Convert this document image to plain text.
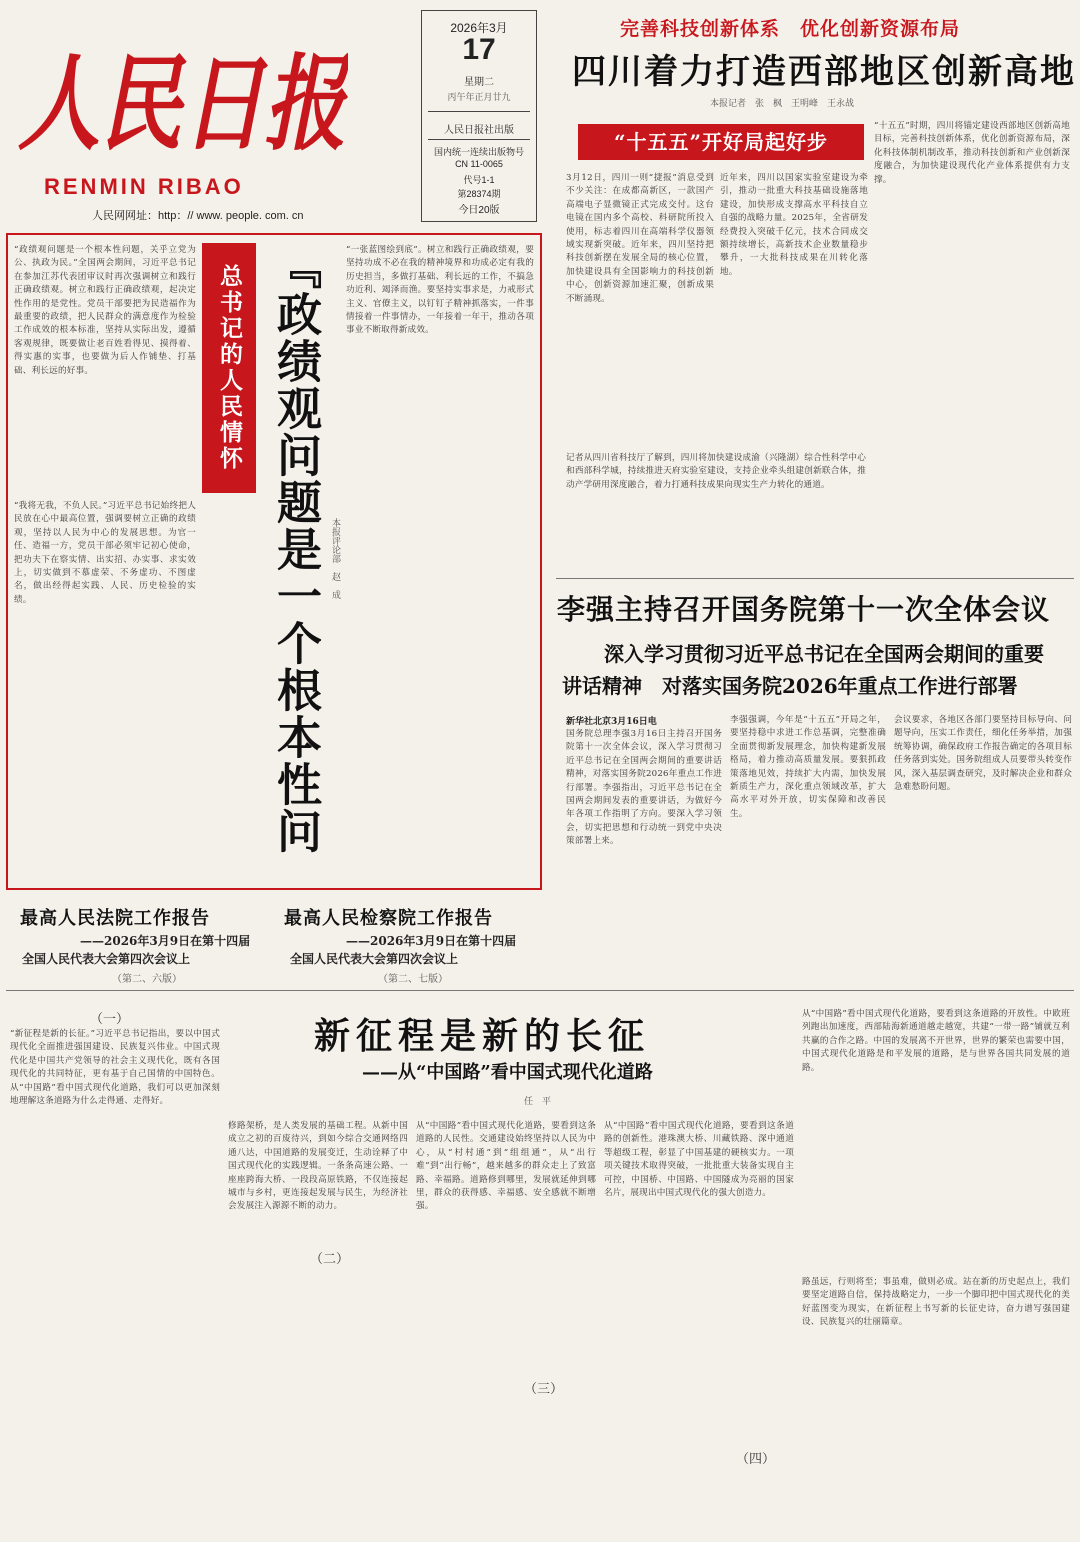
人民日报
RENMIN RIBAO
人民网网址：http：// www. people. com. cn
2026年3月
17
星期二
丙午年正月廿九
人民日报社出版
国内统一连续出版物号
CN 11-0065
代号1-1
第28374期
今日20版
完善科技创新体系　优化创新资源布局
四川着力打造西部地区创新高地
本报记者　张　枫　王明峰　王永战
“十五五”开好局起好步
3月12日，四川一则“捷报”消息受到不少关注：在成都高新区，一款国产高端电子显微镜正式完成交付。这台电镜在国内多个高校、科研院所投入使用，标志着四川在高端科学仪器领域实现新突破。近年来，四川坚持把科技创新摆在发展全局的核心位置，加快建设具有全国影响力的科技创新中心，创新资源加速汇聚，创新成果不断涌现。
近年来，四川以国家实验室建设为牵引，推动一批重大科技基础设施落地建设，加快形成支撑高水平科技自立自强的战略力量。2025年，全省研发经费投入突破千亿元，技术合同成交额持续增长，高新技术企业数量稳步攀升，一大批科技成果在川转化落地。
“十五五”时期，四川将锚定建设西部地区创新高地目标，完善科技创新体系，优化创新资源布局，深化科技体制机制改革，推动科技创新和产业创新深度融合，为加快建设现代化产业体系提供有力支撑。
记者从四川省科技厅了解到，四川将加快建设成渝（兴隆湖）综合性科学中心和西部科学城，持续推进天府实验室建设，支持企业牵头组建创新联合体，推动产学研用深度融合，着力打通科技成果向现实生产力转化的通道。
“政绩观问题是一个根本性问题，关乎立党为公、执政为民。”全国两会期间，习近平总书记在参加江苏代表团审议时再次强调树立和践行正确政绩观。树立和践行正确政绩观，起决定性作用的是党性。党员干部要把为民造福作为最重要的政绩，把人民群众的满意度作为检验工作成效的根本标准，坚持从实际出发，遵循客观规律，既要做让老百姓看得见、摸得着、得实惠的实事，也要做为后人作铺垫、打基础、利长远的好事。	总书记的人民情怀
“我将无我，不负人民。”习近平总书记始终把人民放在心中最高位置，强调要树立正确的政绩观，坚持以人民为中心的发展思想。为官一任、造福一方，党员干部必须牢记初心使命，把功夫下在察实情、出实招、办实事、求实效上，切实做到不慕虚荣、不务虚功、不图虚名，做出经得起实践、人民、历史检验的实绩。
『政绩观问题是一个根本性问
本报评论部　赵　成
“一张蓝图绘到底”。树立和践行正确政绩观，要坚持功成不必在我的精神境界和功成必定有我的历史担当，多做打基础、利长远的工作，不搞急功近利、竭泽而渔。要坚持实事求是，力戒形式主义、官僚主义，以钉钉子精神抓落实，一件事情接着一件事情办，一年接着一年干，推动各项事业不断取得新成效。
李强主持召开国务院第十一次全体会议
深入学习贯彻习近平总书记在全国两会期间的重要
讲话精神　对落实国务院2026年重点工作进行部署
新华社北京3月16日电
国务院总理李强3月16日主持召开国务院第十一次全体会议，深入学习贯彻习近平总书记在全国两会期间的重要讲话精神，对落实国务院2026年重点工作进行部署。李强指出，习近平总书记在全国两会期间发表的重要讲话，为做好今年各项工作指明了方向。要深入学习领会，切实把思想和行动统一到党中央决策部署上来。
李强强调，今年是“十五五”开局之年，要坚持稳中求进工作总基调，完整准确全面贯彻新发展理念，加快构建新发展格局，着力推动高质量发展。要狠抓政策落地见效，持续扩大内需，加快发展新质生产力，深化重点领域改革，扩大高水平对外开放，切实保障和改善民生。
会议要求，各地区各部门要坚持目标导向、问题导向，压实工作责任，细化任务举措，加强统筹协调，确保政府工作报告确定的各项目标任务落到实处。国务院组成人员要带头转变作风，深入基层调查研究，及时解决企业和群众急难愁盼问题。
最高人民法院工作报告
——2026年3月9日在第十四届
全国人民代表大会第四次会议上
（第二、六版）
最高人民检察院工作报告
——2026年3月9日在第十四届
全国人民代表大会第四次会议上
（第二、七版）
（一）
“新征程是新的长征。”习近平总书记指出，要以中国式现代化全面推进强国建设、民族复兴伟业。中国式现代化是中国共产党领导的社会主义现代化，既有各国现代化的共同特征，更有基于自己国情的中国特色。从“中国路”看中国式现代化道路，我们可以更加深刻地理解这条道路为什么走得通、走得好。
新征程是新的长征
——从“中国路”看中国式现代化道路
任　平
修路架桥，是人类发展的基础工程。从新中国成立之初的百废待兴，到如今综合交通网络四通八达，中国道路的发展变迁，生动诠释了中国式现代化的实践逻辑。一条条高速公路、一座座跨海大桥、一段段高原铁路，不仅连接起城市与乡村，更连接起发展与民生，为经济社会发展注入源源不断的动力。
（二）
从“中国路”看中国式现代化道路，要看到这条道路的人民性。交通建设始终坚持以人民为中心，从“村村通”到“组组通”，从“出行难”到“出行畅”，越来越多的群众走上了致富路、幸福路。道路修到哪里，发展就延伸到哪里，群众的获得感、幸福感、安全感就不断增强。
（三）
从“中国路”看中国式现代化道路，要看到这条道路的创新性。港珠澳大桥、川藏铁路、深中通道等超级工程，彰显了中国基建的硬核实力。一项项关键技术取得突破，一批批重大装备实现自主可控，中国桥、中国路、中国隧成为亮丽的国家名片，展现出中国式现代化的强大创造力。
（四）
从“中国路”看中国式现代化道路，要看到这条道路的开放性。中欧班列跑出加速度，西部陆海新通道越走越宽，共建“一带一路”铺就互利共赢的合作之路。中国的发展离不开世界，世界的繁荣也需要中国，中国式现代化道路是和平发展的道路，是与世界各国共同发展的道路。
路虽远，行则将至；事虽难，做则必成。站在新的历史起点上，我们要坚定道路自信，保持战略定力，一步一个脚印把中国式现代化的美好蓝图变为现实，在新征程上书写新的长征史诗，奋力谱写强国建设、民族复兴的壮丽篇章。
